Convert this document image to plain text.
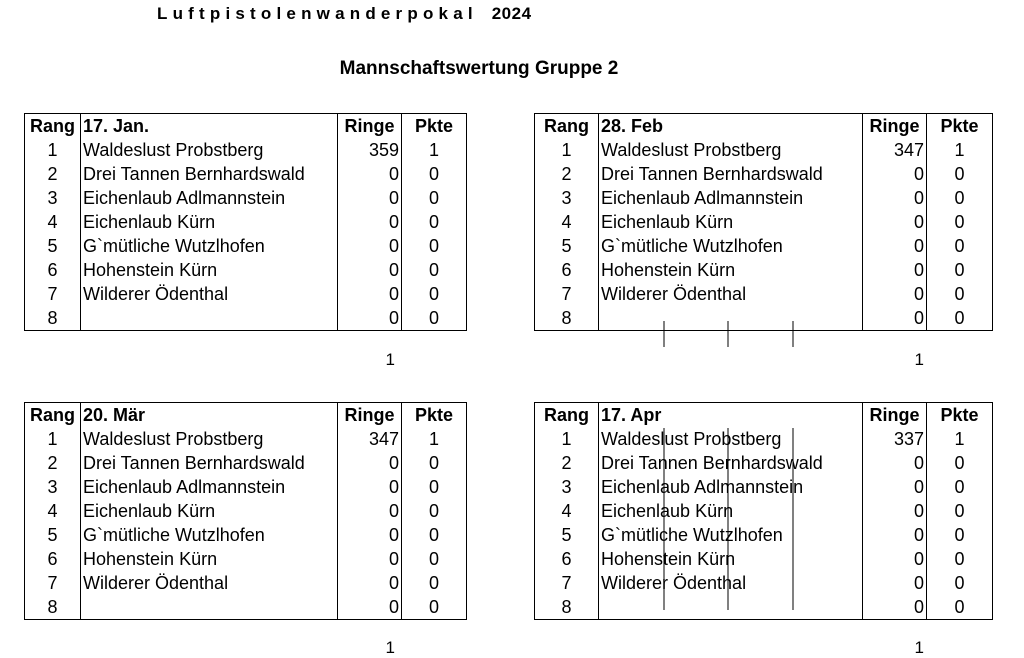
Luftpistolenwanderpokal 2024
Mannschaftswertung Gruppe 2
Rang	17. Jan.	Ringe	Pkte
1	Waldeslust Probstberg	359	1
2	Drei Tannen Bernhardswald	0	0
3	Eichenlaub Adlmannstein	0	0
4	Eichenlaub Kürn	0	0
5	G`mütliche Wutzlhofen	0	0
6	Hohenstein Kürn	0	0
7	Wilderer Ödenthal	0	0
8		0	0
1
Rang	28. Feb	Ringe	Pkte
1	Waldeslust Probstberg	347	1
2	Drei Tannen Bernhardswald	0	0
3	Eichenlaub Adlmannstein	0	0
4	Eichenlaub Kürn	0	0
5	G`mütliche Wutzlhofen	0	0
6	Hohenstein Kürn	0	0
7	Wilderer Ödenthal	0	0
8		0	0
1
Rang	20. Mär	Ringe	Pkte
1	Waldeslust Probstberg	347	1
2	Drei Tannen Bernhardswald	0	0
3	Eichenlaub Adlmannstein	0	0
4	Eichenlaub Kürn	0	0
5	G`mütliche Wutzlhofen	0	0
6	Hohenstein Kürn	0	0
7	Wilderer Ödenthal	0	0
8		0	0
1
Rang	17. Apr	Ringe	Pkte
1	Waldeslust Probstberg	337	1
2	Drei Tannen Bernhardswald	0	0
3	Eichenlaub Adlmannstein	0	0
4	Eichenlaub Kürn	0	0
5	G`mütliche Wutzlhofen	0	0
6	Hohenstein Kürn	0	0
7	Wilderer Ödenthal	0	0
8		0	0
1
